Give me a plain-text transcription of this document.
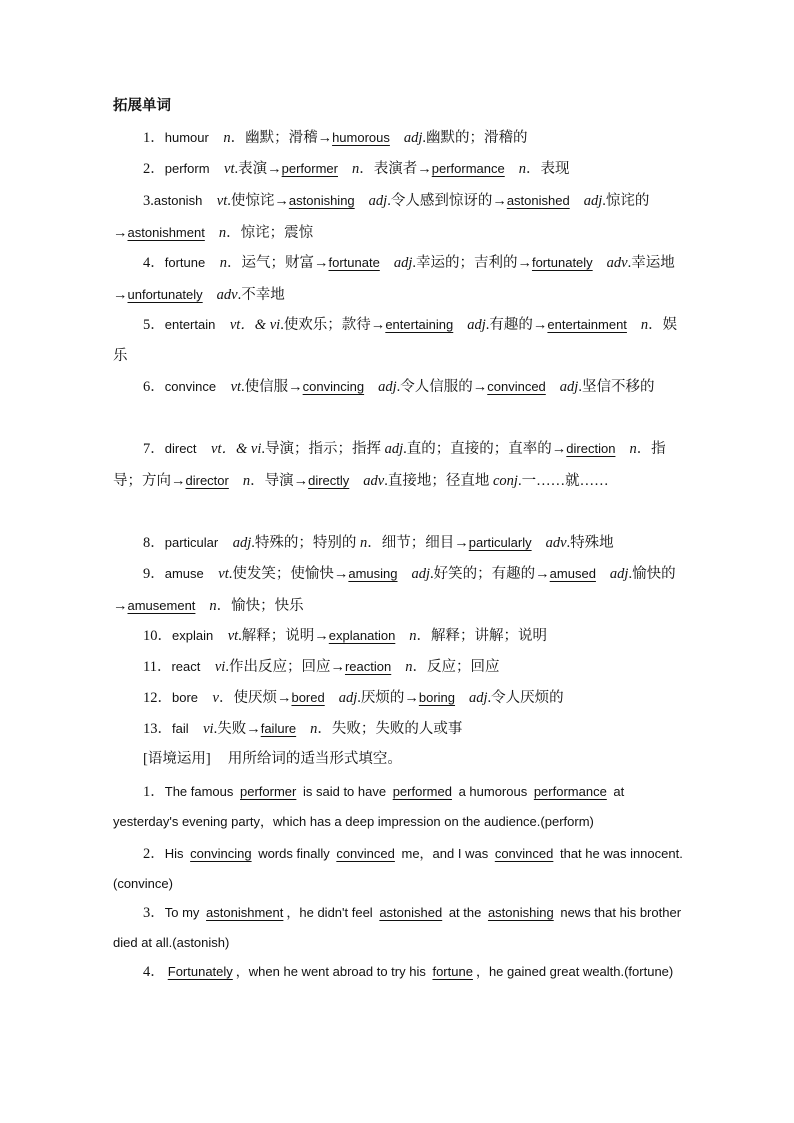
拓展单词
1．humour  n．幽默；滑稽→humorous adj.幽默的；滑稽的
2．perform  vt.表演→performer n．表演者→performance n．表现
3.astonish  vt.使惊诧→astonishing adj.令人感到惊讶的→astonished adj.惊诧的→astonishment n．惊诧；震惊
4．fortune  n．运气；财富→fortunate adj.幸运的；吉利的→fortunately adv.幸运地→unfortunately adv.不幸地
5．entertain  vt．& vi.使欢乐；款待→entertaining adj.有趣的→entertainment n．娱乐
6．convince  vt.使信服→convincing adj.令人信服的→convinced adj.坚信不移的
7．direct  vt．& vi.导演；指示；指挥 adj.直的；直接的；直率的→direction n．指导；方向→director n．导演→directly adv.直接地；径直地 conj.一……就……
8．particular  adj.特殊的；特别的 n．细节；细目→particularly adv.特殊地
9．amuse  vt.使发笑；使愉快→amusing adj.好笑的；有趣的→amused adj.愉快的→amusement n．愉快；快乐
10．explain  vt.解释；说明→explanation n．解释；讲解；说明
11．react  vi.作出反应；回应→reaction n．反应；回应
12．bore  v．使厌烦→bored adj.厌烦的→boring adj.令人厌烦的
13．fail  vi.失败→failure n．失败；失败的人或事
[语境运用] 用所给词的适当形式填空。
1．The famous performer is said to have performed a humorous performance at yesterday's evening party，which has a deep impression on the audience.(perform)
2．His convincing words finally convinced me，and I was convinced that he was innocent.(convince)
3．To my astonishment ，he didn't feel astonished at the astonishing news that his brother died at all.(astonish)
4． Fortunately ，when he went abroad to try his fortune ，he gained great wealth.(fortune)
